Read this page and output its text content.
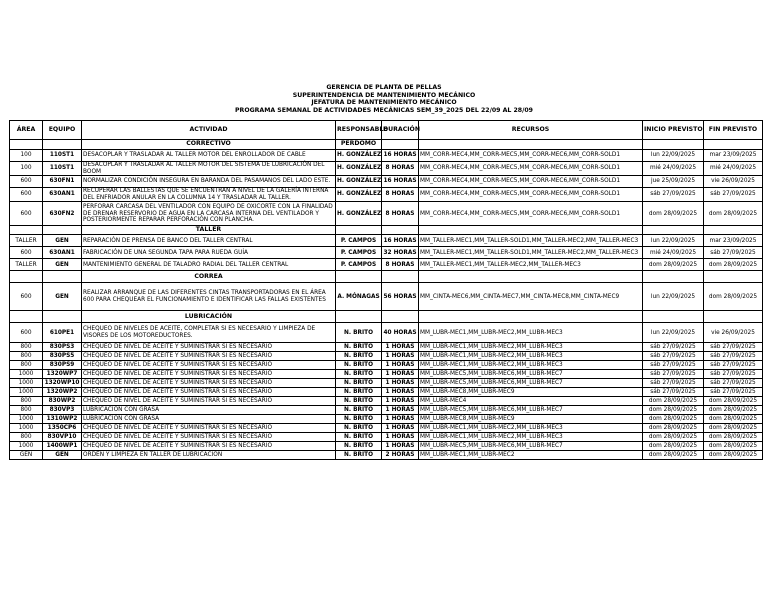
GERENCIA DE PLANTA DE PELLAS
SUPERINTENDENCIA DE MANTENIMIENTO MECÁNICO
JEFATURA DE MANTENIMIENTO MECÁNICO
PROGRAMA SEMANAL DE ACTIVIDADES MECÁNICAS SEM_39_2025 DEL 22/09 AL 28/09
ÁREA	EQUIPO	ACTIVIDAD	RESPONSABLE	DURACIÓN	RECURSOS	INICIO PREVISTO	FIN PREVISTO
		CORRECTIVO	PERDOMO				
100	110ST1	DESACOPLAR Y TRASLADAR AL TALLER MOTOR DEL ENROLLADOR DE CABLE	H. GONZÁLEZ	16 HORAS	MM_CORR-MEC4,MM_CORR-MEC5,MM_CORR-MEC6,MM_CORR-SOLD1	lun 22/09/2025	mar 23/09/2025
100	110ST1	DESACOPLAR Y TRASLADAR AL TALLER MOTOR DEL SISTEMA DE LUBRICACIÓN DEL BOOM	H. GONZÁLEZ	8 HORAS	MM_CORR-MEC4,MM_CORR-MEC5,MM_CORR-MEC6,MM_CORR-SOLD1	mié 24/09/2025	mié 24/09/2025
600	630FN1	NORMALIZAR CONDICIÓN INSEGURA EN BARANDA DEL PASAMANOS DEL LADO ESTE.	H. GONZÁLEZ	16 HORAS	MM_CORR-MEC4,MM_CORR-MEC5,MM_CORR-MEC6,MM_CORR-SOLD1	jue 25/09/2025	vie 26/09/2025
600	630AN1	RECUPERAR LAS BALLESTAS QUE SE ENCUENTRAN A NIVEL DE LA GALERÍA INTERNA DEL ENFRIADOR ANULAR EN LA COLUMNA 14 Y TRASLADAR AL TALLER.	H. GONZÁLEZ	8 HORAS	MM_CORR-MEC4,MM_CORR-MEC5,MM_CORR-MEC6,MM_CORR-SOLD1	sáb 27/09/2025	sáb 27/09/2025
600	630FN2	PERFORAR CARCASA DEL VENTILADOR CON EQUIPO DE OXICORTE CON LA FINALIDAD DE DRENAR RESERVORIO DE AGUA EN LA CARCASA INTERNA DEL VENTILADOR Y POSTERIORMENTE REPARAR PERFORACIÓN CON PLANCHA.	H. GONZÁLEZ	8 HORAS	MM_CORR-MEC4,MM_CORR-MEC5,MM_CORR-MEC6,MM_CORR-SOLD1	dom 28/09/2025	dom 28/09/2025
		TALLER					
TALLER	GEN	REPARACIÓN DE PRENSA DE BANCO DEL TALLER CENTRAL	P. CAMPOS	16 HORAS	MM_TALLER-MEC1,MM_TALLER-SOLD1,MM_TALLER-MEC2,MM_TALLER-MEC3	lun 22/09/2025	mar 23/09/2025
600	630AN1	FABRICACIÓN DE UNA SEGUNDA TAPA PARA RUEDA GUÍA	P. CAMPOS	32 HORAS	MM_TALLER-MEC1,MM_TALLER-SOLD1,MM_TALLER-MEC2,MM_TALLER-MEC3	mié 24/09/2025	sáb 27/09/2025
TALLER	GEN	MANTENIMIENTO GENERAL DE TALADRO RADIAL DEL TALLER CENTRAL	P. CAMPOS	8 HORAS	MM_TALLER-MEC1,MM_TALLER-MEC2,MM_TALLER-MEC3	dom 28/09/2025	dom 28/09/2025
		CORREA					
600	GEN	REALIZAR ARRANQUE DE LAS DIFERENTES CINTAS TRANSPORTADORAS EN EL ÁREA 600 PARA CHEQUEAR EL FUNCIONAMIENTO E IDENTIFICAR LAS FALLAS EXISTENTES	A. MÓNAGAS	56 HORAS	MM_CINTA-MEC6,MM_CINTA-MEC7,MM_CINTA-MEC8,MM_CINTA-MEC9	lun 22/09/2025	dom 28/09/2025
		LUBRICACIÓN					
600	610PE1	CHEQUEO DE NIVELES DE ACEITE, COMPLETAR SI ES NECESARIO Y LIMPIEZA DE VISORES DE LOS MOTOREDUCTORES.	N. BRITO	40 HORAS	MM_LUBR-MEC1,MM_LUBR-MEC2,MM_LUBR-MEC3	lun 22/09/2025	vie 26/09/2025
800	830PS3	CHEQUEO DE NIVEL DE ACEITE Y SUMINISTRAR SI ES NECESARIO	N. BRITO	1 HORAS	MM_LUBR-MEC1,MM_LUBR-MEC2,MM_LUBR-MEC3	sáb 27/09/2025	sáb 27/09/2025
800	830PS5	CHEQUEO DE NIVEL DE ACEITE Y SUMINISTRAR SI ES NECESARIO	N. BRITO	1 HORAS	MM_LUBR-MEC1,MM_LUBR-MEC2,MM_LUBR-MEC3	sáb 27/09/2025	sáb 27/09/2025
800	830PS9	CHEQUEO DE NIVEL DE ACEITE Y SUMINISTRAR SI ES NECESARIO	N. BRITO	1 HORAS	MM_LUBR-MEC1,MM_LUBR-MEC2,MM_LUBR-MEC3	sáb 27/09/2025	sáb 27/09/2025
1000	1320WP7	CHEQUEO DE NIVEL DE ACEITE Y SUMINISTRAR SI ES NECESARIO	N. BRITO	1 HORAS	MM_LUBR-MEC5,MM_LUBR-MEC6,MM_LUBR-MEC7	sáb 27/09/2025	sáb 27/09/2025
1000	1320WP10	CHEQUEO DE NIVEL DE ACEITE Y SUMINISTRAR SI ES NECESARIO	N. BRITO	1 HORAS	MM_LUBR-MEC5,MM_LUBR-MEC6,MM_LUBR-MEC7	sáb 27/09/2025	sáb 27/09/2025
1000	1320WP2	CHEQUEO DE NIVEL DE ACEITE Y SUMINISTRAR SI ES NECESARIO	N. BRITO	1 HORAS	MM_LUBR-MEC8,MM_LUBR-MEC9	sáb 27/09/2025	sáb 27/09/2025
800	830WP2	CHEQUEO DE NIVEL DE ACEITE Y SUMINISTRAR SI ES NECESARIO	N. BRITO	1 HORAS	MM_LUBR-MEC4	dom 28/09/2025	dom 28/09/2025
800	830VP3	LUBRICACIÓN CON GRASA	N. BRITO	1 HORAS	MM_LUBR-MEC5,MM_LUBR-MEC6,MM_LUBR-MEC7	dom 28/09/2025	dom 28/09/2025
1000	1310WP2	LUBRICACIÓN CON GRASA	N. BRITO	1 HORAS	MM_LUBR-MEC8,MM_LUBR-MEC9	dom 28/09/2025	dom 28/09/2025
1000	1350CP6	CHEQUEO DE NIVEL DE ACEITE Y SUMINISTRAR SI ES NECESARIO	N. BRITO	1 HORAS	MM_LUBR-MEC1,MM_LUBR-MEC2,MM_LUBR-MEC3	dom 28/09/2025	dom 28/09/2025
800	830VP10	CHEQUEO DE NIVEL DE ACEITE Y SUMINISTRAR SI ES NECESARIO	N. BRITO	1 HORAS	MM_LUBR-MEC1,MM_LUBR-MEC2,MM_LUBR-MEC3	dom 28/09/2025	dom 28/09/2025
1000	1400WP1	CHEQUEO DE NIVEL DE ACEITE Y SUMINISTRAR SI ES NECESARIO	N. BRITO	1 HORAS	MM_LUBR-MEC5,MM_LUBR-MEC6,MM_LUBR-MEC7	dom 28/09/2025	dom 28/09/2025
GEN	GEN	ORDEN Y LIMPIEZA EN TALLER DE LUBRICACIÓN	N. BRITO	2 HORAS	MM_LUBR-MEC1,MM_LUBR-MEC2	dom 28/09/2025	dom 28/09/2025
